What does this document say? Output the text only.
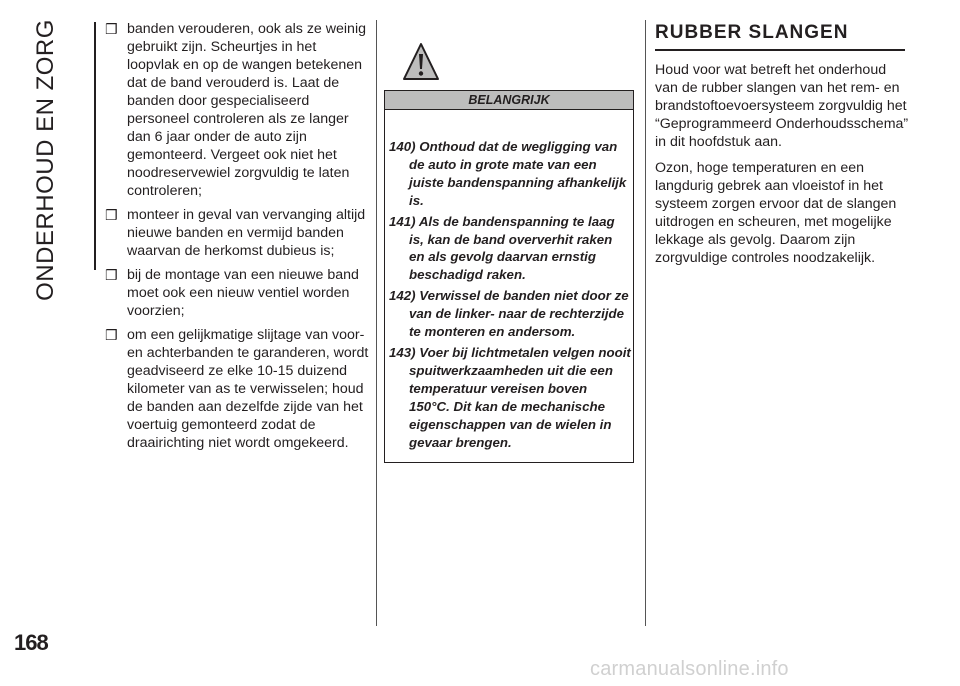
ONDERHOUD EN ZORG
168
❒ banden verouderen, ook als ze weinig gebruikt zijn. Scheurtjes in het loopvlak en op de wangen betekenen dat de band verouderd is. Laat de banden door gespecialiseerd personeel controleren als ze langer dan 6 jaar onder de auto zijn gemonteerd. Vergeet ook niet het noodreservewiel zorgvuldig te laten controleren;
❒ monteer in geval van vervanging altijd nieuwe banden en vermijd banden waarvan de herkomst dubieus is;
❒ bij de montage van een nieuwe band moet ook een nieuw ventiel worden voorzien;
❒ om een gelijkmatige slijtage van voor- en achterbanden te garanderen, wordt geadviseerd ze elke 10-15 duizend kilometer van as te verwisselen; houd de banden aan dezelfde zijde van het voertuig gemonteerd zodat de draairichting niet wordt omgekeerd.
BELANGRIJK
140) Onthoud dat de wegligging van de auto in grote mate van een juiste bandenspanning afhankelijk is.
141) Als de bandenspanning te laag is, kan de band oververhit raken en als gevolg daarvan ernstig beschadigd raken.
142) Verwissel de banden niet door ze van de linker- naar de rechterzijde te monteren en andersom.
143) Voer bij lichtmetalen velgen nooit spuitwerkzaamheden uit die een temperatuur vereisen boven 150°C. Dit kan de mechanische eigenschappen van de wielen in gevaar brengen.
RUBBER SLANGEN

Houd voor wat betreft het onderhoud van de rubber slangen van het rem- en brandstoftoevoersysteem zorgvuldig het “Geprogrammeerd Onderhoudsschema” in dit hoofdstuk aan.

Ozon, hoge temperaturen en een langdurig gebrek aan vloeistof in het systeem zorgen ervoor dat de slangen uitdrogen en scheuren, met mogelijke lekkage als gevolg. Daarom zijn zorgvuldige controles noodzakelijk.

carmanualsonline.info
